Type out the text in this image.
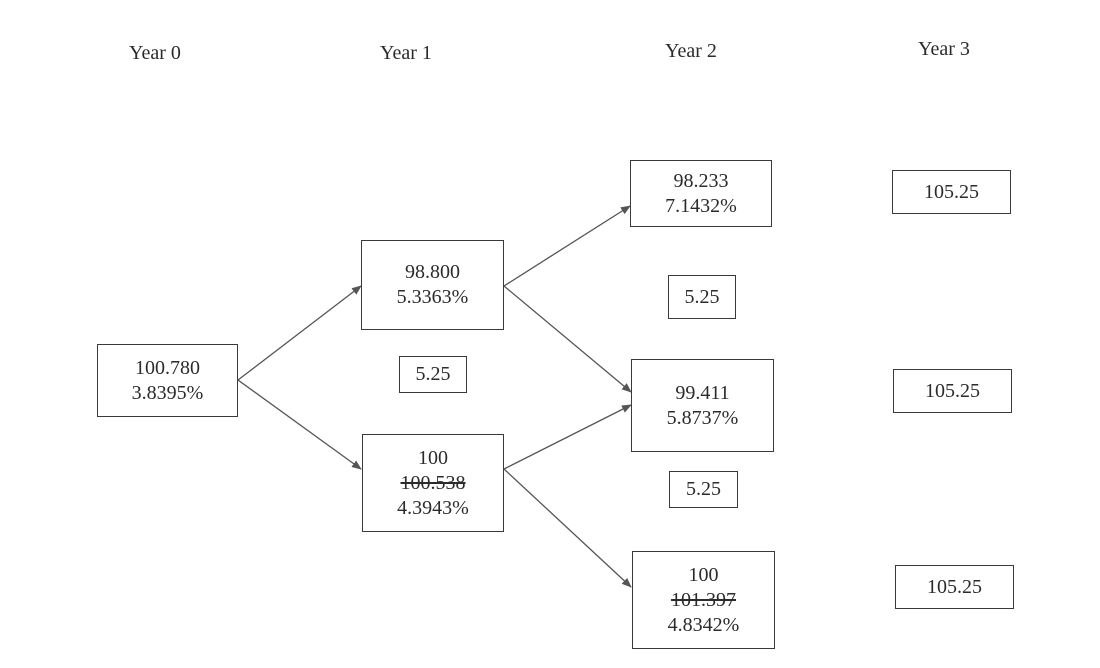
Year 0	Year 1	Year 2	Year 3
100.780
3.8395%
98.800
5.3363%
5.25
100
100.538
4.3943%
98.233
7.1432%
5.25
99.411
5.8737%
5.25
100
101.397
4.8342%
105.25
105.25
105.25
